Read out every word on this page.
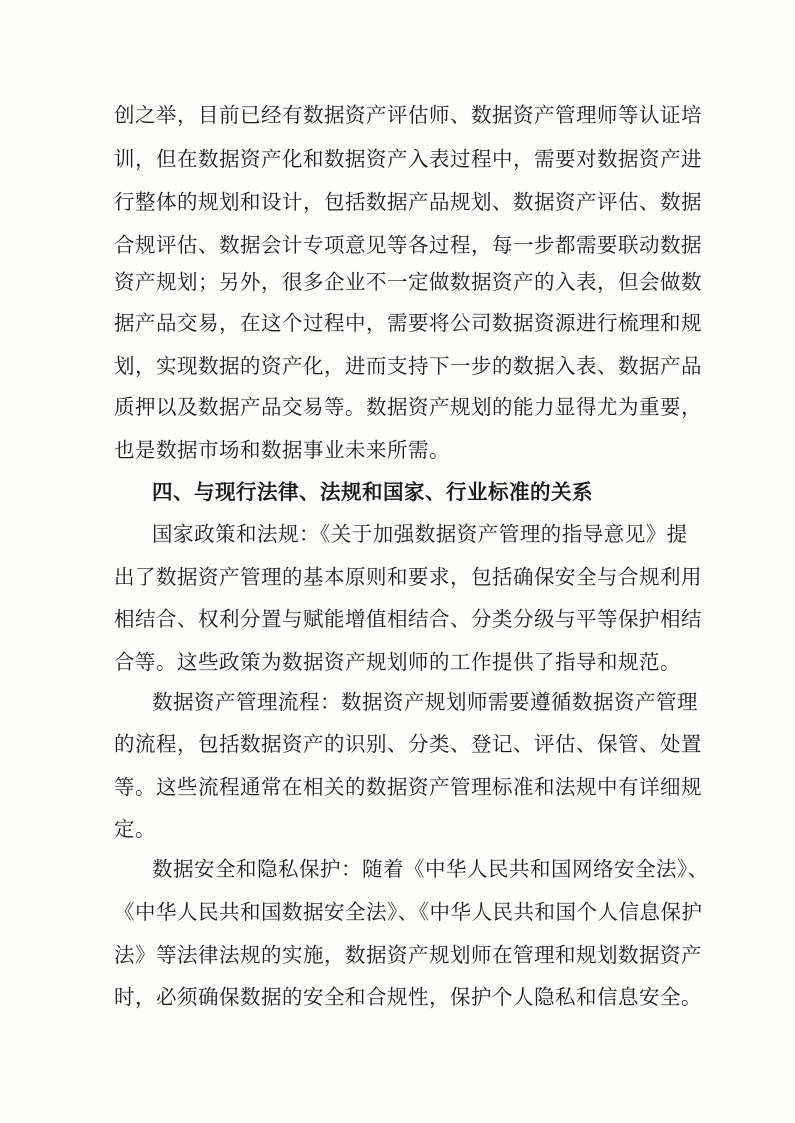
创之举，目前已经有数据资产评估师、数据资产管理师等认证培
训，但在数据资产化和数据资产入表过程中，需要对数据资产进
行整体的规划和设计，包括数据产品规划、数据资产评估、数据
合规评估、数据会计专项意见等各过程，每一步都需要联动数据
资产规划；另外，很多企业不一定做数据资产的入表，但会做数
据产品交易，在这个过程中，需要将公司数据资源进行梳理和规
划，实现数据的资产化，进而支持下一步的数据入表、数据产品
质押以及数据产品交易等。数据资产规划的能力显得尤为重要，
也是数据市场和数据事业未来所需。
四、与现行法律、法规和国家、行业标准的关系
国家政策和法规：《关于加强数据资产管理的指导意见》提
出了数据资产管理的基本原则和要求，包括确保安全与合规利用
相结合、权利分置与赋能增值相结合、分类分级与平等保护相结
合等。这些政策为数据资产规划师的工作提供了指导和规范。
数据资产管理流程：数据资产规划师需要遵循数据资产管理
的流程，包括数据资产的识别、分类、登记、评估、保管、处置
等。这些流程通常在相关的数据资产管理标准和法规中有详细规
定。
数据安全和隐私保护：随着《中华人民共和国网络安全法》、
《中华人民共和国数据安全法》、《中华人民共和国个人信息保护
法》等法律法规的实施，数据资产规划师在管理和规划数据资产
时，必须确保数据的安全和合规性，保护个人隐私和信息安全。
